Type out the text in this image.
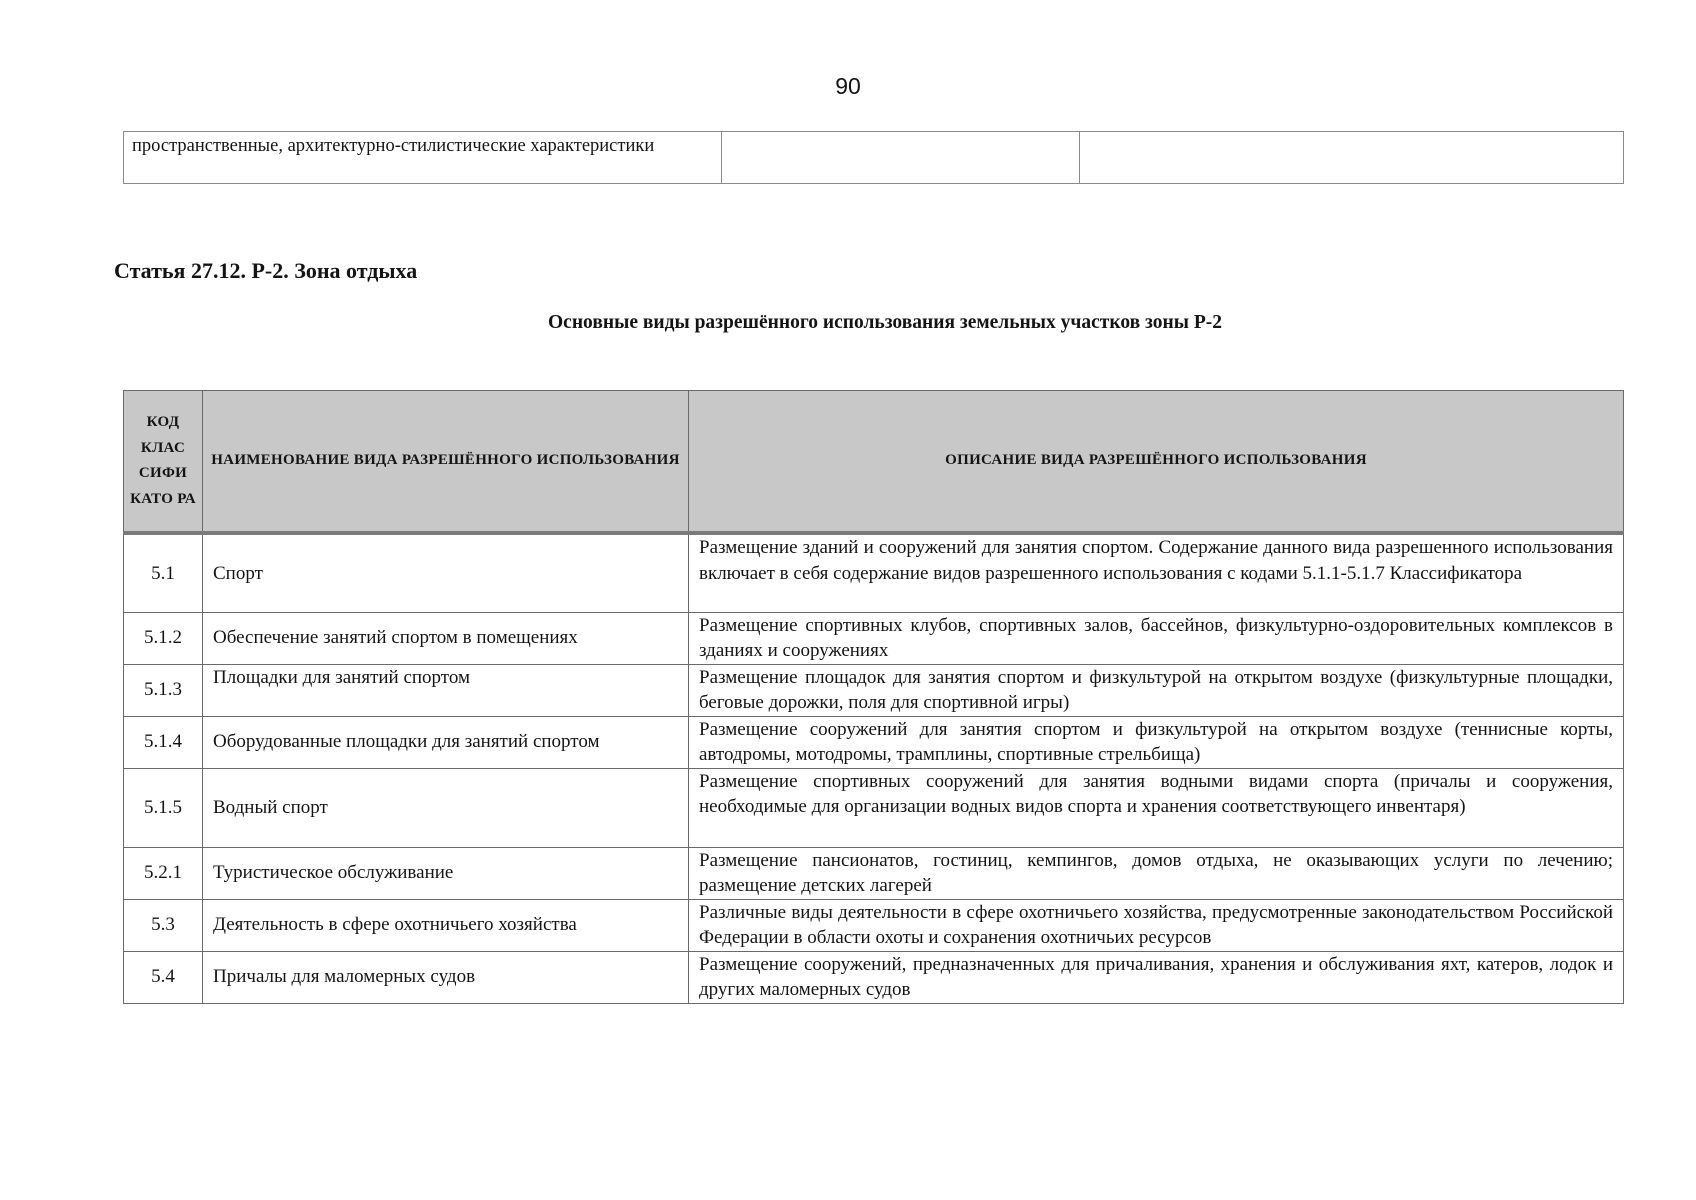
90
пространственные, архитектурно-стилистические характеристики		
Статья 27.12. Р-2. Зона отдыха
Основные виды разрешённого использования земельных участков зоны Р-2
КОД КЛАС СИФИ КАТО РА	НАИМЕНОВАНИЕ ВИДА РАЗРЕШЁННОГО ИСПОЛЬЗОВАНИЯ	ОПИСАНИЕ ВИДА РАЗРЕШЁННОГО ИСПОЛЬЗОВАНИЯ
5.1	Спорт	Размещение зданий и сооружений для занятия спортом. Содержание данного вида разрешенного использования включает в себя содержание видов разрешенного использования с кодами 5.1.1-5.1.7 Классификатора
5.1.2	Обеспечение занятий спортом в помещениях	Размещение спортивных клубов, спортивных залов, бассейнов, физкультурно-оздоровительных комплексов в зданиях и сооружениях
5.1.3	Площадки для занятий спортом	Размещение площадок для занятия спортом и физкультурой на открытом воздухе (физкультурные площадки, беговые дорожки, поля для спортивной игры)
5.1.4	Оборудованные площадки для занятий спортом	Размещение сооружений для занятия спортом и физкультурой на открытом воздухе (теннисные корты, автодромы, мотодромы, трамплины, спортивные стрельбища)
5.1.5	Водный спорт	Размещение спортивных сооружений для занятия водными видами спорта (причалы и сооружения, необходимые для организации водных видов спорта и хранения соответствующего инвентаря)
5.2.1	Туристическое обслуживание	Размещение пансионатов, гостиниц, кемпингов, домов отдыха, не оказывающих услуги по лечению; размещение детских лагерей
5.3	Деятельность в сфере охотничьего хозяйства	Различные виды деятельности в сфере охотничьего хозяйства, предусмотренные законодательством Российской Федерации в области охоты и сохранения охотничьих ресурсов
5.4	Причалы для маломерных судов	Размещение сооружений, предназначенных для причаливания, хранения и обслуживания яхт, катеров, лодок и других маломерных судов
